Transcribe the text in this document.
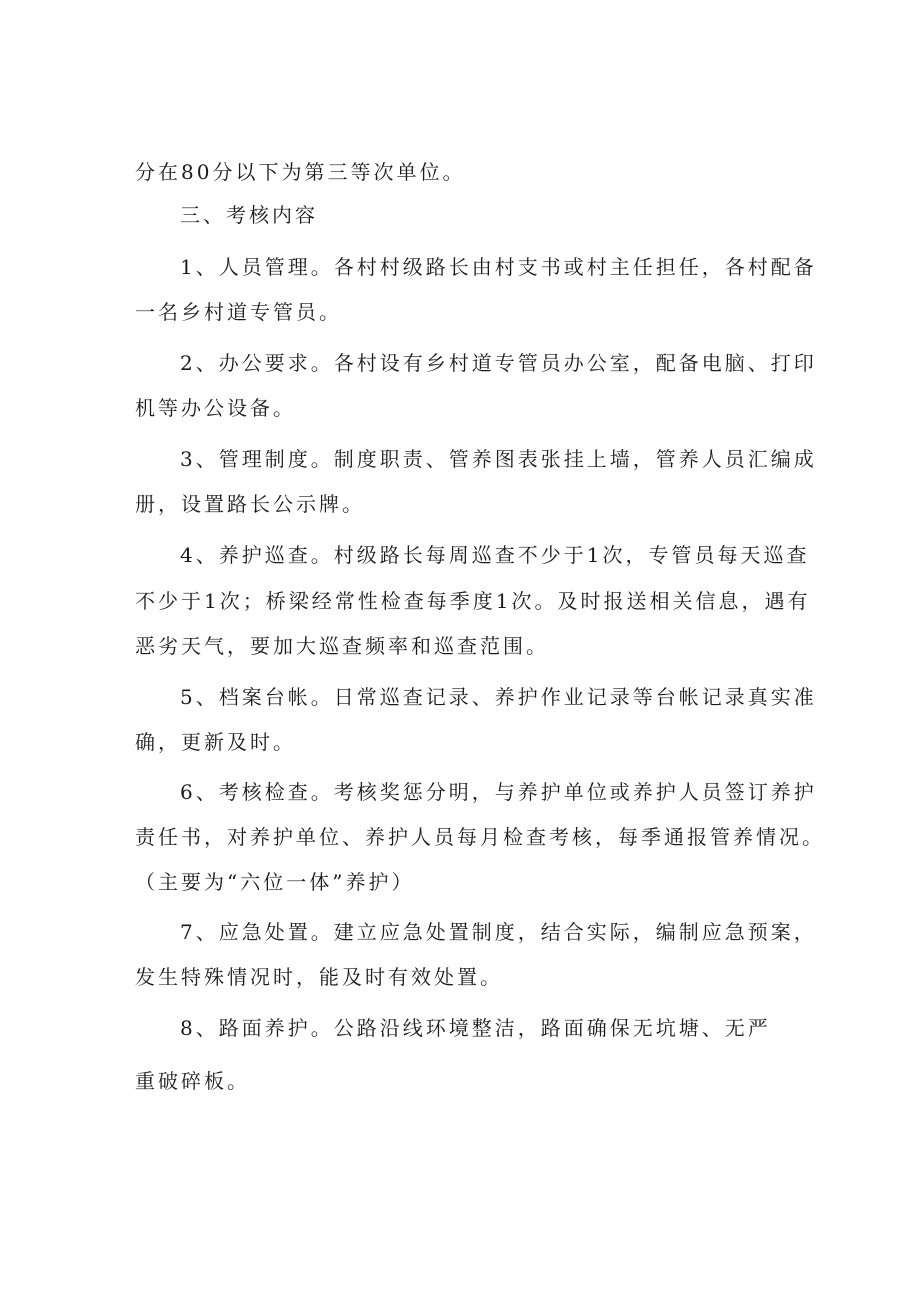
分在80分以下为第三等次单位。
三、考核内容
1、人员管理。各村村级路长由村支书或村主任担任，各村配备
一名乡村道专管员。
2、办公要求。各村设有乡村道专管员办公室，配备电脑、打印
机等办公设备。
3、管理制度。制度职责、管养图表张挂上墙，管养人员汇编成
册，设置路长公示牌。
4、养护巡查。村级路长每周巡查不少于1次，专管员每天巡查
不少于1次；桥梁经常性检查每季度1次。及时报送相关信息，遇有
恶劣天气，要加大巡查频率和巡查范围。
5、档案台帐。日常巡查记录、养护作业记录等台帐记录真实准
确，更新及时。
6、考核检查。考核奖惩分明，与养护单位或养护人员签订养护
责任书，对养护单位、养护人员每月检查考核，每季通报管养情况。
（主要为“六位一体”养护）
7、应急处置。建立应急处置制度，结合实际，编制应急预案，
发生特殊情况时，能及时有效处置。
8、路面养护。公路沿线环境整洁，路面确保无坑塘、无严
重破碎板。
